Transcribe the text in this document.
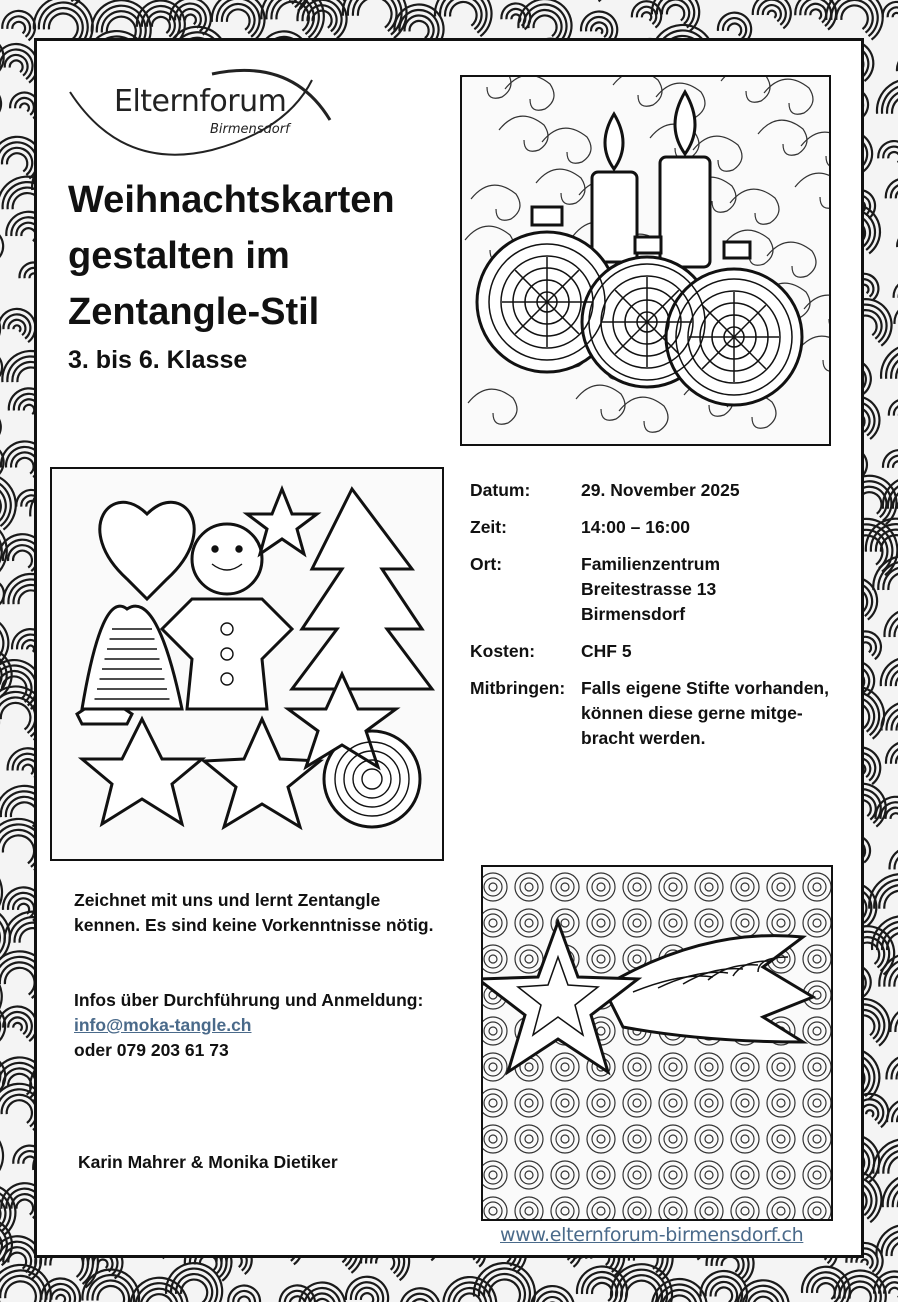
Elternforum
Birmensdorf
Weihnachtskarten
gestalten im
Zentangle-Stil
3. bis 6. Klasse
Datum:	29. November 2025
Zeit:	14:00 – 16:00
Ort:	Familienzentrum
Breitestrasse 13
Birmensdorf
Kosten:	CHF 5
Mitbringen: Falls eigene Stifte vorhanden,
können diese gerne mitge-
bracht werden.
Zeichnet mit uns und lernt Zentangle
kennen. Es sind keine Vorkenntnisse nötig.
Infos über Durchführung und Anmeldung:
info@moka-tangle.ch
oder 079 203 61 73
Karin Mahrer & Monika Dietiker
www.elternforum-birmensdorf.ch
